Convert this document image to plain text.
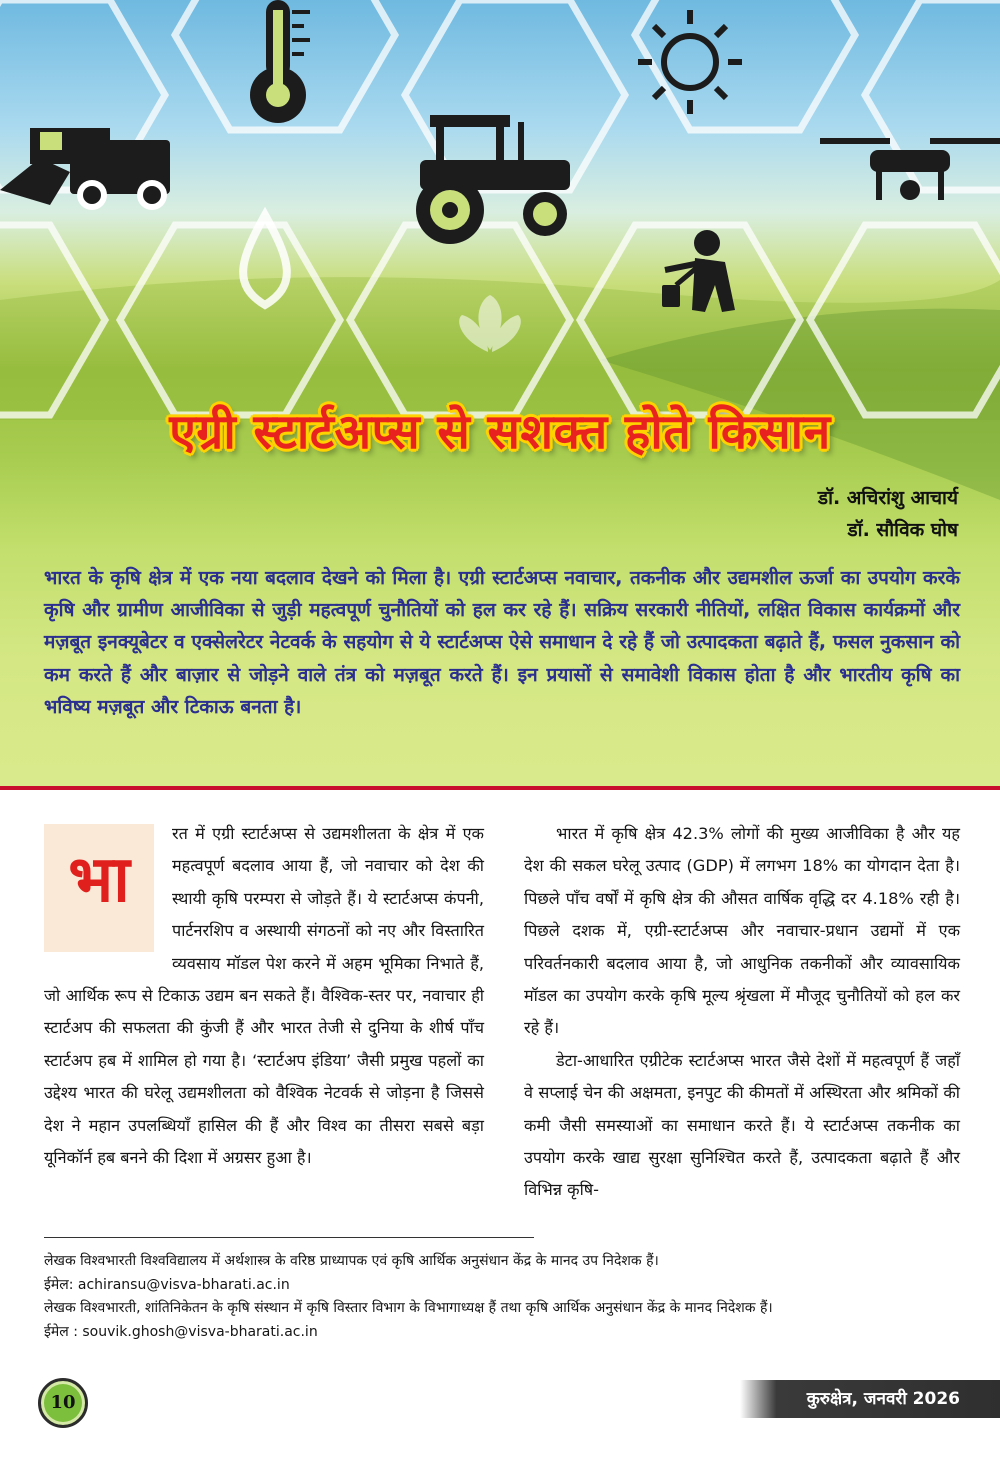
एग्री स्टार्टअप्स से सशक्त होते किसान
डॉ. अचिरांशु आचार्य
डॉ. सौविक घोष
भारत के कृषि क्षेत्र में एक नया बदलाव देखने को मिला है। एग्री स्टार्टअप्स नवाचार, तकनीक और उद्यमशील ऊर्जा का उपयोग करके कृषि और ग्रामीण आजीविका से जुड़ी महत्वपूर्ण चुनौतियों को हल कर रहे हैं। सक्रिय सरकारी नीतियों, लक्षित विकास कार्यक्रमों और मज़बूत इनक्यूबेटर व एक्सेलरेटर नेटवर्क के सहयोग से ये स्टार्टअप्स ऐसे समाधान दे रहे हैं जो उत्पादकता बढ़ाते हैं, फसल नुकसान को कम करते हैं और बाज़ार से जोड़ने वाले तंत्र को मज़बूत करते हैं। इन प्रयासों से समावेशी विकास होता है और भारतीय कृषि का भविष्य मज़बूत और टिकाऊ बनता है।
भा

रत में एग्री स्टार्टअप्स से उद्यमशीलता के क्षेत्र में एक महत्वपूर्ण बदलाव आया हैं, जो नवाचार को देश की स्थायी कृषि परम्परा से जोड़ते हैं। ये स्टार्टअप्स कंपनी, पार्टनरशिप व अस्थायी संगठनों को नए और विस्तारित व्यवसाय मॉडल पेश करने में अहम भूमिका निभाते हैं, जो आर्थिक रूप से टिकाऊ उद्यम बन सकते हैं। वैश्विक-स्तर पर, नवाचार ही स्टार्टअप की सफलता की कुंजी हैं और भारत तेजी से दुनिया के शीर्ष पाँच स्टार्टअप हब में शामिल हो गया है। ‘स्टार्टअप इंडिया’ जैसी प्रमुख पहलों का उद्देश्य भारत की घरेलू उद्यमशीलता को वैश्विक नेटवर्क से जोड़ना है जिससे देश ने महान उपलब्धियाँ हासिल की हैं और विश्व का तीसरा सबसे बड़ा यूनिकॉर्न हब बनने की दिशा में अग्रसर हुआ है।

भारत में कृषि क्षेत्र 42.3% लोगों की मुख्य आजीविका है और यह देश की सकल घरेलू उत्पाद (GDP) में लगभग 18% का योगदान देता है। पिछले पाँच वर्षों में कृषि क्षेत्र की औसत वार्षिक वृद्धि दर 4.18% रही है। पिछले दशक में, एग्री-स्टार्टअप्स और नवाचार-प्रधान उद्यमों में एक परिवर्तनकारी बदलाव आया है, जो आधुनिक तकनीकों और व्यावसायिक मॉडल का उपयोग करके कृषि मूल्य श्रृंखला में मौजूद चुनौतियों को हल कर रहे हैं।

डेटा-आधारित एग्रीटेक स्टार्टअप्स भारत जैसे देशों में महत्वपूर्ण हैं जहाँ वे सप्लाई चेन की अक्षमता, इनपुट की कीमतों में अस्थिरता और श्रमिकों की कमी जैसी समस्याओं का समाधान करते हैं। ये स्टार्टअप्स तकनीक का उपयोग करके खाद्य सुरक्षा सुनिश्चित करते हैं, उत्पादकता बढ़ाते हैं और विभिन्न कृषि-

लेखक विश्वभारती विश्वविद्यालय में अर्थशास्त्र के वरिष्ठ प्राध्यापक एवं कृषि आर्थिक अनुसंधान केंद्र के मानद उप निदेशक हैं।
ईमेल: achiransu@visva-bharati.ac.in
लेखक विश्वभारती, शांतिनिकेतन के कृषि संस्थान में कृषि विस्तार विभाग के विभागाध्यक्ष हैं तथा कृषि आर्थिक अनुसंधान केंद्र के मानद निदेशक हैं।
ईमेल : souvik.ghosh@visva-bharati.ac.in
10	कुरुक्षेत्र, जनवरी 2026
